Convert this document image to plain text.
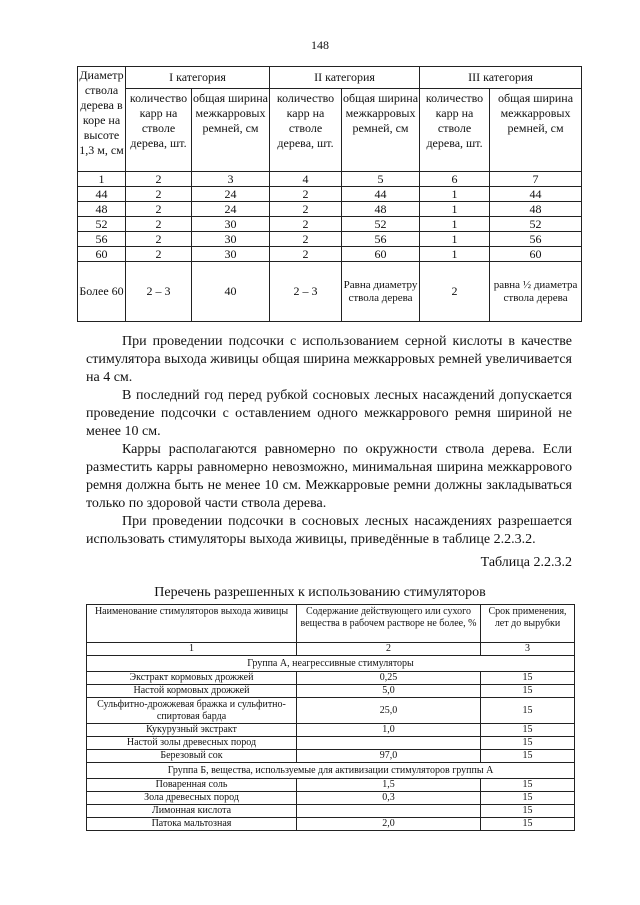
148
Диаметр ствола дерева в коре на высоте 1,3 м, см	I категория		II категория		III категория	
	количество карр на стволе дерева, шт.	общая ширина межкарровых ремней, см	количество карр на стволе дерева, шт.	общая ширина межкарровых ремней, см	количество карр на стволе дерева, шт.	общая ширина межкарровых ремней, см
1	2	3	4	5	6	7
44	2	24	2	44	1	44
48	2	24	2	48	1	48
52	2	30	2	52	1	52
56	2	30	2	56	1	56
60	2	30	2	60	1	60
Более 60	2 – 3	40	2 – 3	Равна диаметру ствола дерева	2	равна ½ диаметра ствола дерева

При проведении подсочки с использованием серной кислоты в качестве стимулятора выхода живицы общая ширина межкарровых ремней увеличивается на 4 см.

В последний год перед рубкой сосновых лесных насаждений допускается проведение подсочки с оставлением одного межкаррового ремня шириной не менее 10 см.

Карры располагаются равномерно по окружности ствола дерева. Если разместить карры равномерно невозможно, минимальная ширина межкаррового ремня должна быть не менее 10 см. Межкарровые ремни должны закладываться только по здоровой части ствола дерева.

При проведении подсочки в сосновых лесных насаждениях разрешается использовать стимуляторы выхода живицы, приведённые в таблице 2.2.3.2.

Таблица 2.2.3.2
Перечень разрешенных к использованию стимуляторов
Наименование стимуляторов выхода живицы	Содержание действующего или сухого вещества в рабочем растворе не более, %	Срок применения, лет до вырубки
1	2	3
Группа А, неагрессивные стимуляторы		
Экстракт кормовых дрожжей	0,25	15
Настой кормовых дрожжей	5,0	15
Сульфитно-дрожжевая бражка и сульфитно-спиртовая барда	25,0	15
Кукурузный экстракт	1,0	15
Настой золы древесных пород		15
Березовый сок	97,0	15
Группа Б, вещества, используемые для активизации стимуляторов группы А		
Поваренная соль	1,5	15
Зола древесных пород	0,3	15
Лимонная кислота		15
Патока мальтозная	2,0	15
